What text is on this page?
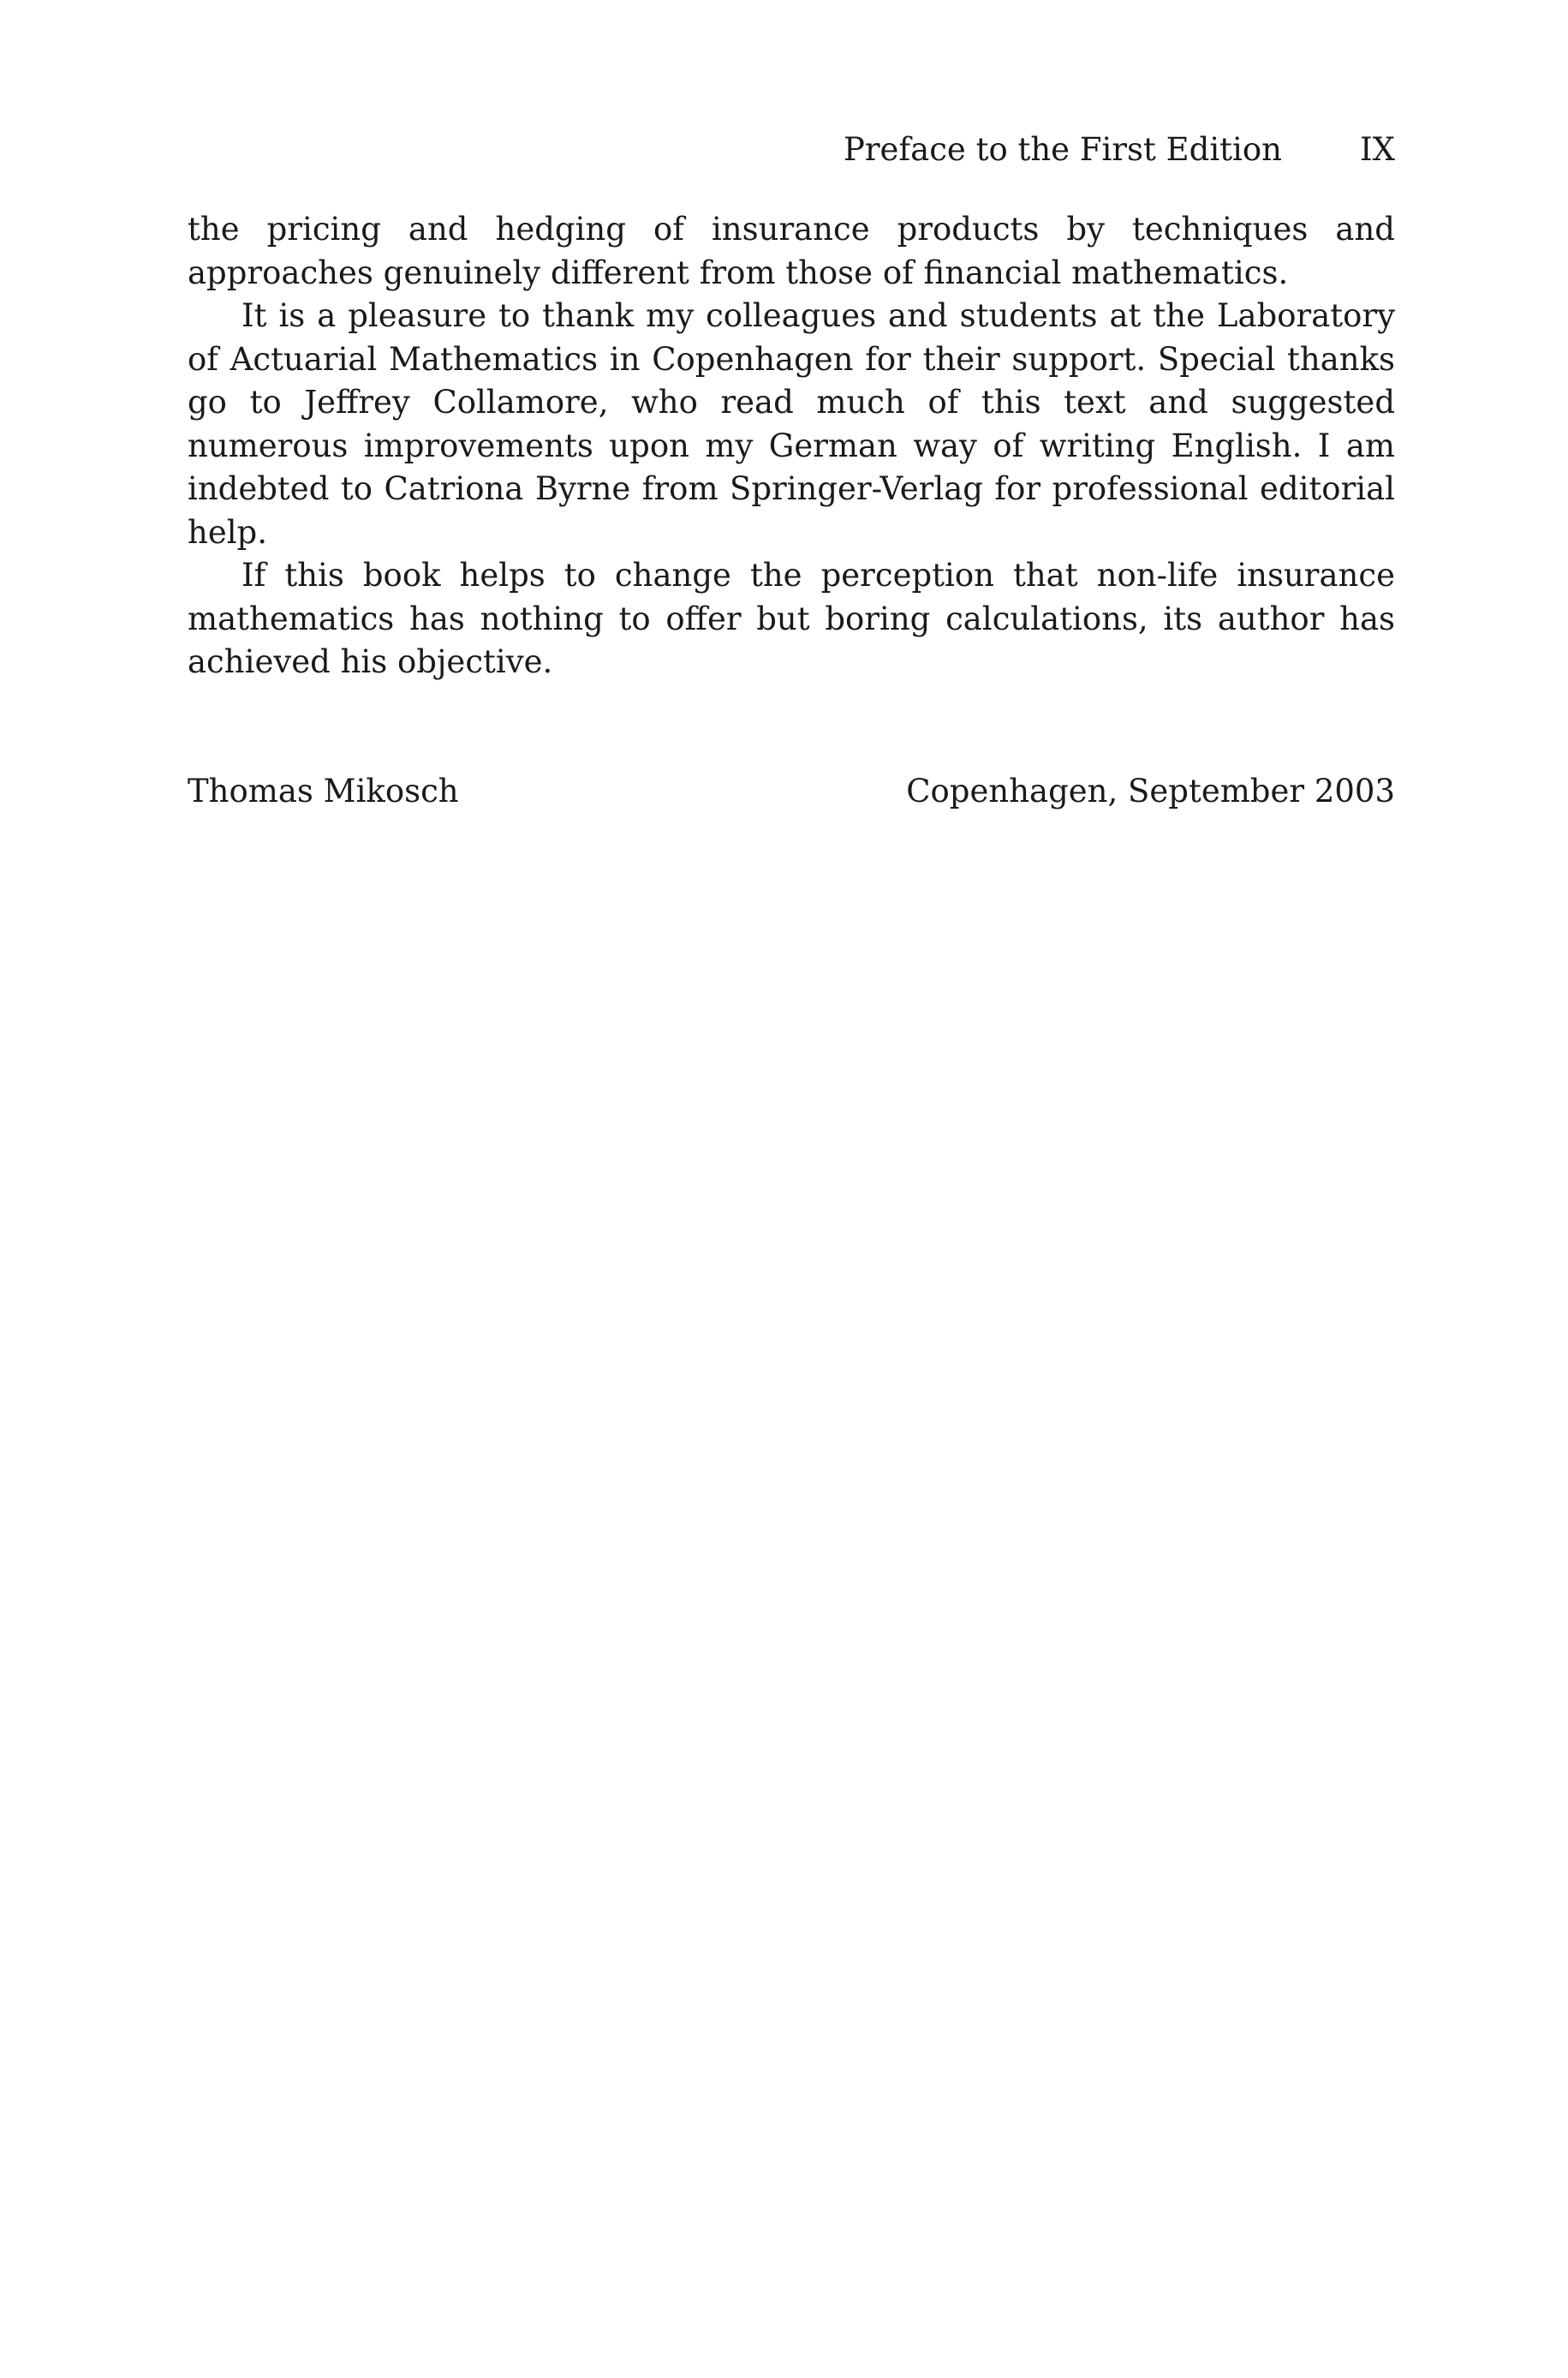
Preface to the First Edition IX

the pricing and hedging of insurance products by techniques and approaches genuinely different from those of financial mathematics.

It is a pleasure to thank my colleagues and students at the Laboratory of Actuarial Mathematics in Copenhagen for their support. Special thanks go to Jeffrey Collamore, who read much of this text and suggested numerous improvements upon my German way of writing English. I am indebted to Catriona Byrne from Springer-Verlag for professional editorial help.

If this book helps to change the perception that non-life insurance mathematics has nothing to offer but boring calculations, its author has achieved his objective.

Thomas Mikosch	Copenhagen, September 2003
